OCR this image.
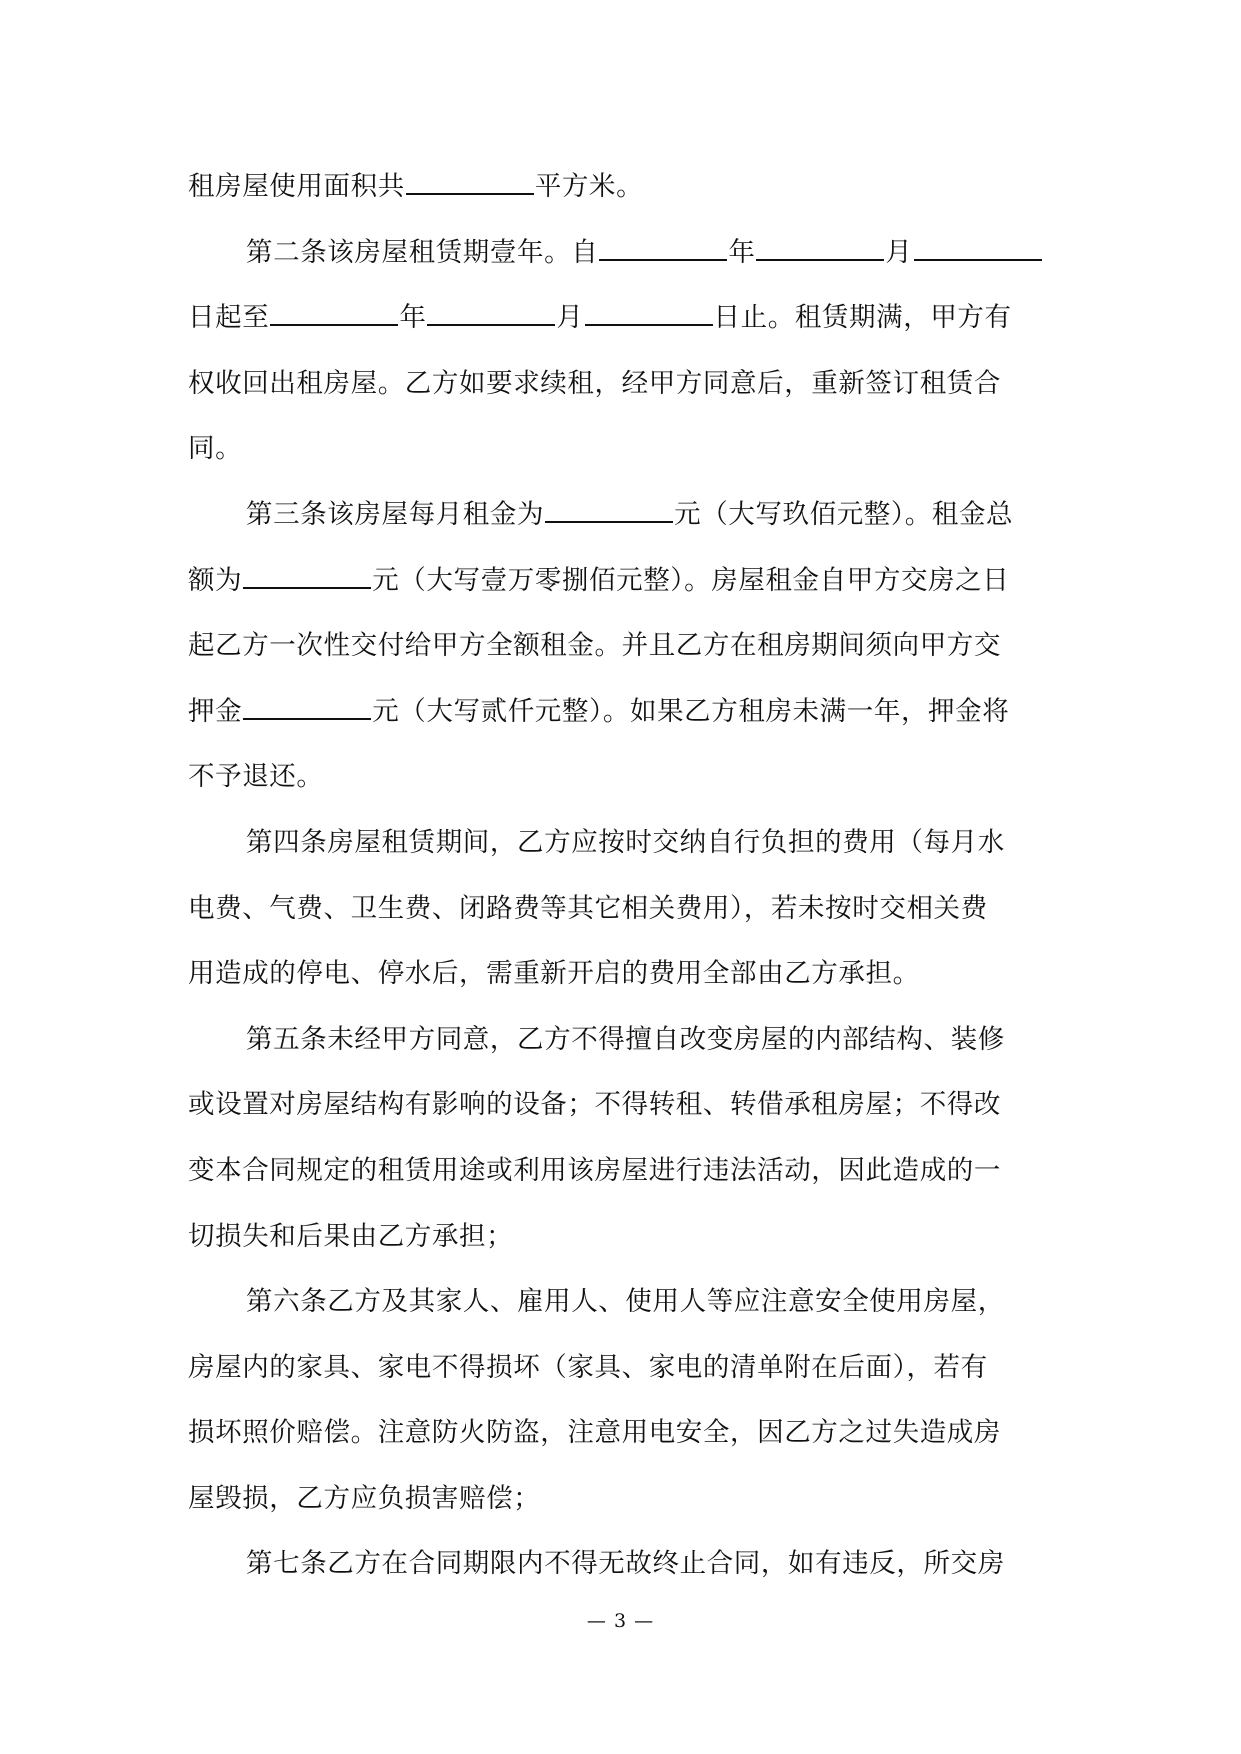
租房屋使用面积共	平方米。
第二条该房屋租赁期壹年。自	年	月
日起至	年	月	日止。租赁期满，甲方有
权收回出租房屋。乙方如要求续租，经甲方同意后，重新签订租赁合
同。
第三条该房屋每月租金为	元（大写玖佰元整）。租金总
额为	元（大写壹万零捌佰元整）。房屋租金自甲方交房之日
起乙方一次性交付给甲方全额租金。并且乙方在租房期间须向甲方交
押金	元（大写贰仟元整）。如果乙方租房未满一年，押金将
不予退还。
第四条房屋租赁期间，乙方应按时交纳自行负担的费用（每月水
电费、气费、卫生费、闭路费等其它相关费用），若未按时交相关费
用造成的停电、停水后，需重新开启的费用全部由乙方承担。
第五条未经甲方同意，乙方不得擅自改变房屋的内部结构、装修
或设置对房屋结构有影响的设备；不得转租、转借承租房屋；不得改
变本合同规定的租赁用途或利用该房屋进行违法活动，因此造成的一
切损失和后果由乙方承担；
第六条乙方及其家人、雇用人、使用人等应注意安全使用房屋，
房屋内的家具、家电不得损坏（家具、家电的清单附在后面），若有
损坏照价赔偿。注意防火防盗，注意用电安全，因乙方之过失造成房
屋毁损，乙方应负损害赔偿；
第七条乙方在合同期限内不得无故终止合同，如有违反，所交房
— 3 —
